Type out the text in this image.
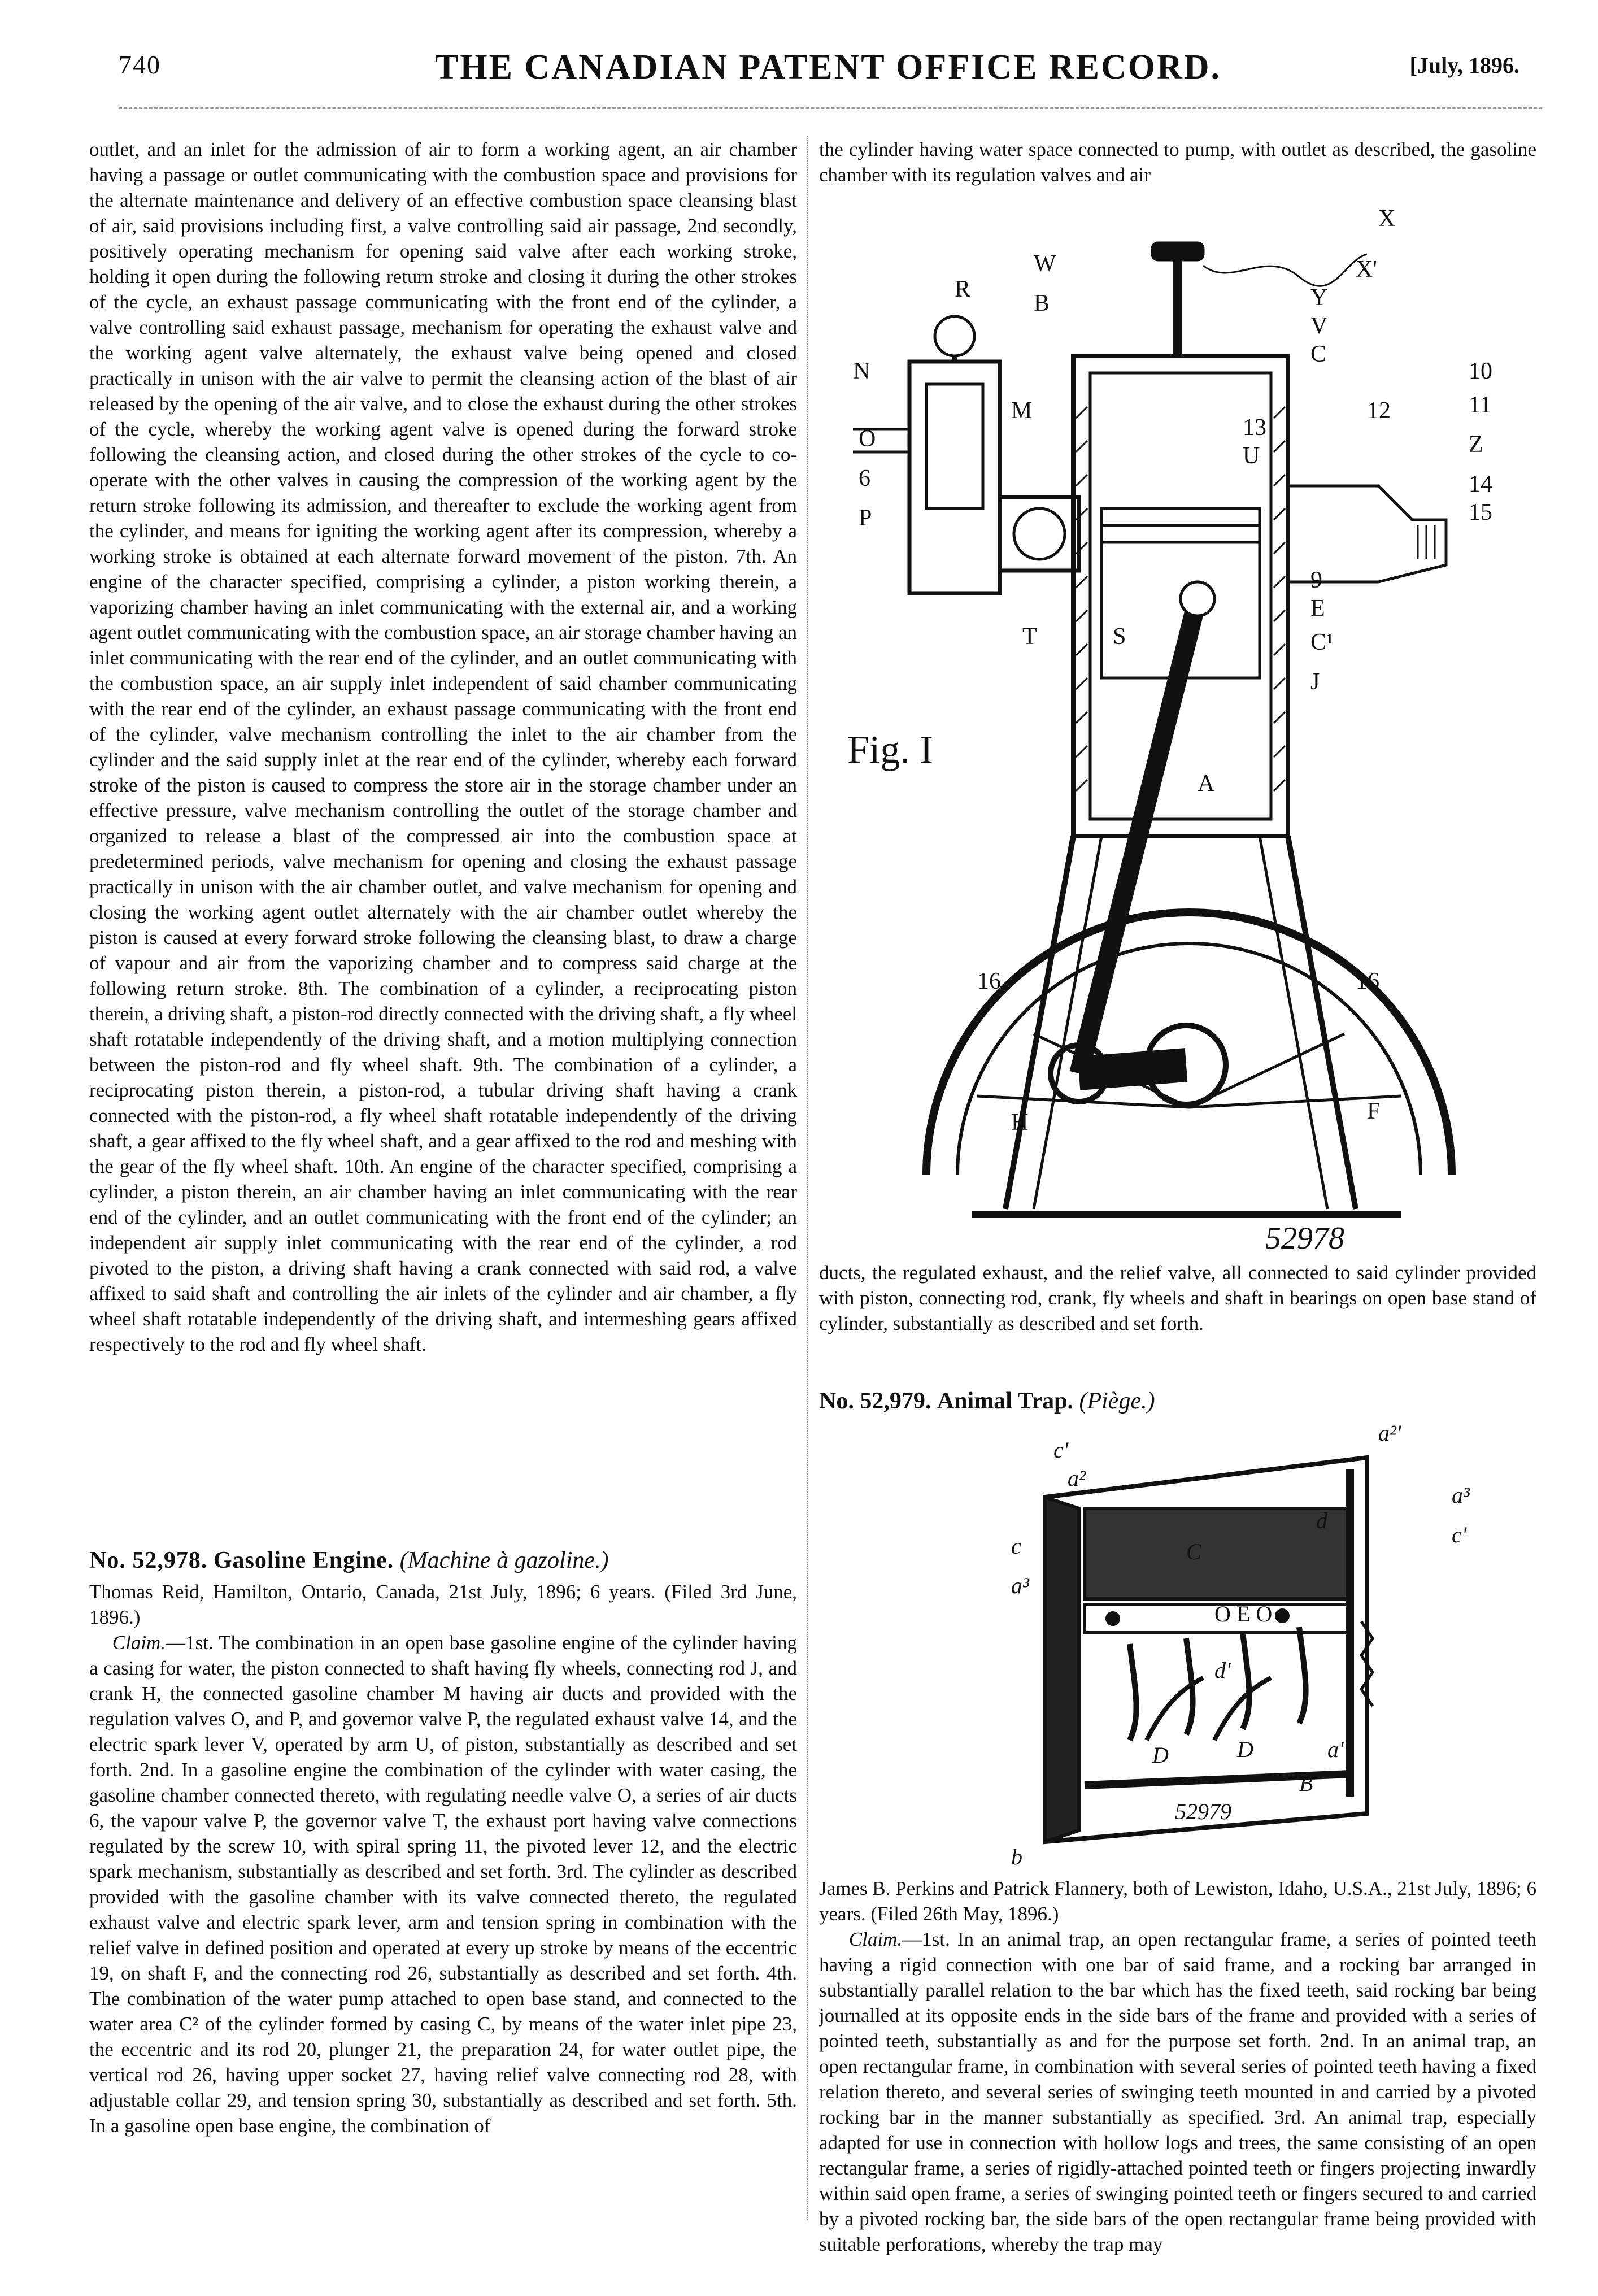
740	THE CANADIAN PATENT OFFICE RECORD.	[July, 1896.

outlet, and an inlet for the admission of air to form a working agent, an air chamber having a passage or outlet communicating with the combustion space and provisions for the alternate maintenance and delivery of an effective combustion space cleansing blast of air, said provisions including first, a valve controlling said air passage, 2nd secondly, positively operating mechanism for opening said valve after each working stroke, holding it open during the following return stroke and closing it during the other strokes of the cycle, an exhaust passage communicating with the front end of the cylinder, a valve controlling said exhaust passage, mechanism for operating the exhaust valve and the working agent valve alternately, the exhaust valve being opened and closed practically in unison with the air valve to permit the cleansing action of the blast of air released by the opening of the air valve, and to close the exhaust during the other strokes of the cycle, whereby the working agent valve is opened during the forward stroke following the cleansing action, and closed during the other strokes of the cycle to co-operate with the other valves in causing the compression of the working agent by the return stroke following its admission, and thereafter to exclude the working agent from the cylinder, and means for igniting the working agent after its compression, whereby a working stroke is obtained at each alternate forward movement of the piston. 7th. An engine of the character specified, comprising a cylinder, a piston working therein, a vaporizing chamber having an inlet communicating with the external air, and a working agent outlet communicating with the combustion space, an air storage chamber having an inlet communicating with the rear end of the cylinder, and an outlet communicating with the combustion space, an air supply inlet independent of said chamber communicating with the rear end of the cylinder, an exhaust passage communicating with the front end of the cylinder, valve mechanism controlling the inlet to the air chamber from the cylinder and the said supply inlet at the rear end of the cylinder, whereby each forward stroke of the piston is caused to compress the store air in the storage chamber under an effective pressure, valve mechanism controlling the outlet of the storage chamber and organized to release a blast of the compressed air into the combustion space at predetermined periods, valve mechanism for opening and closing the exhaust passage practically in unison with the air chamber outlet, and valve mechanism for opening and closing the working agent outlet alternately with the air chamber outlet whereby the piston is caused at every forward stroke following the cleansing blast, to draw a charge of vapour and air from the vaporizing chamber and to compress said charge at the following return stroke. 8th. The combination of a cylinder, a reciprocating piston therein, a driving shaft, a piston-rod directly connected with the driving shaft, a fly wheel shaft rotatable independently of the driving shaft, and a motion multiplying connection between the piston-rod and fly wheel shaft. 9th. The combination of a cylinder, a reciprocating piston therein, a piston-rod, a tubular driving shaft having a crank connected with the piston-rod, a fly wheel shaft rotatable independently of the driving shaft, a gear affixed to the fly wheel shaft, and a gear affixed to the rod and meshing with the gear of the fly wheel shaft. 10th. An engine of the character specified, comprising a cylinder, a piston therein, an air chamber having an inlet communicating with the rear end of the cylinder, and an outlet communicating with the front end of the cylinder; an independent air supply inlet communicating with the rear end of the cylinder, a rod pivoted to the piston, a driving shaft having a crank connected with said rod, a valve affixed to said shaft and controlling the air inlets of the cylinder and air chamber, a fly wheel shaft rotatable independently of the driving shaft, and intermeshing gears affixed respectively to the rod and fly wheel shaft.

No. 52,978. Gasoline Engine. (Machine à gazoline.)

Thomas Reid, Hamilton, Ontario, Canada, 21st July, 1896; 6 years. (Filed 3rd June, 1896.)

Claim.—1st. The combination in an open base gasoline engine of the cylinder having a casing for water, the piston connected to shaft having fly wheels, connecting rod J, and crank H, the connected gasoline chamber M having air ducts and provided with the regulation valves O, and P, and governor valve P, the regulated exhaust valve 14, and the electric spark lever V, operated by arm U, of piston, substantially as described and set forth. 2nd. In a gasoline engine the combination of the cylinder with water casing, the gasoline chamber connected thereto, with regulating needle valve O, a series of air ducts 6, the vapour valve P, the governor valve T, the exhaust port having valve connections regulated by the screw 10, with spiral spring 11, the pivoted lever 12, and the electric spark mechanism, substantially as described and set forth. 3rd. The cylinder as described provided with the gasoline chamber with its valve connected thereto, the regulated exhaust valve and electric spark lever, arm and tension spring in combination with the relief valve in defined position and operated at every up stroke by means of the eccentric 19, on shaft F, and the connecting rod 26, substantially as described and set forth. 4th. The combination of the water pump attached to open base stand, and connected to the water area C² of the cylinder formed by casing C, by means of the water inlet pipe 23, the eccentric and its rod 20, plunger 21, the preparation 24, for water outlet pipe, the vertical rod 26, having upper socket 27, having relief valve connecting rod 28, with adjustable collar 29, and tension spring 30, substantially as described and set forth. 5th. In a gasoline open base engine, the combination of

the cylinder having water space connected to pump, with outlet as described, the gasoline chamber with its regulation valves and air

W
B
R
X
X'
Y
V
C
N
M
O
6
P
T	S
E
C¹
J
A
H	F
10
11
Z
14
15
12
13
U
9
16	16
Fig. I
52978

ducts, the regulated exhaust, and the relief valve, all connected to said cylinder provided with piston, connecting rod, crank, fly wheels and shaft in bearings on open base stand of cylinder, substantially as described and set forth.

No. 52,979. Animal Trap. (Piège.)
c'
a²
a²'
a³
c
a³
C
c'
O E O
d
d'
D	D
B
a'
b
52979

James B. Perkins and Patrick Flannery, both of Lewiston, Idaho, U.S.A., 21st July, 1896; 6 years. (Filed 26th May, 1896.)

Claim.—1st. In an animal trap, an open rectangular frame, a series of pointed teeth having a rigid connection with one bar of said frame, and a rocking bar arranged in substantially parallel relation to the bar which has the fixed teeth, said rocking bar being journalled at its opposite ends in the side bars of the frame and provided with a series of pointed teeth, substantially as and for the purpose set forth. 2nd. In an animal trap, an open rectangular frame, in combination with several series of pointed teeth having a fixed relation thereto, and several series of swinging teeth mounted in and carried by a pivoted rocking bar in the manner substantially as specified. 3rd. An animal trap, especially adapted for use in connection with hollow logs and trees, the same consisting of an open rectangular frame, a series of rigidly-attached pointed teeth or fingers projecting inwardly within said open frame, a series of swinging pointed teeth or fingers secured to and carried by a pivoted rocking bar, the side bars of the open rectangular frame being provided with suitable perforations, whereby the trap may
